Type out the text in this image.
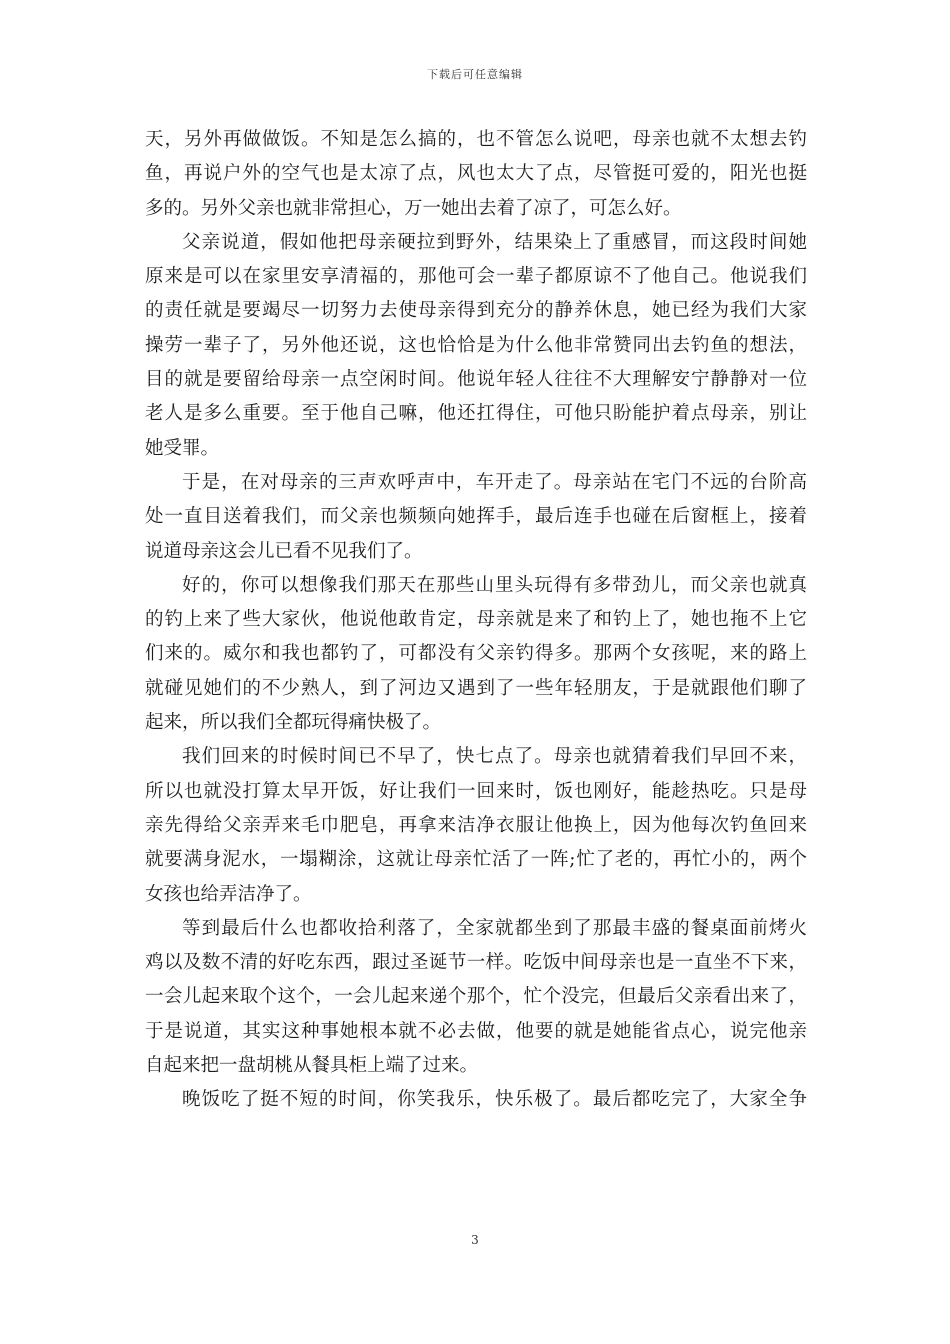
下载后可任意编辑
天，另外再做做饭。不知是怎么搞的，也不管怎么说吧，母亲也就不太想去钓
鱼，再说户外的空气也是太凉了点，风也太大了点，尽管挺可爱的，阳光也挺
多的。另外父亲也就非常担心，万一她出去着了凉了，可怎么好。
父亲说道，假如他把母亲硬拉到野外，结果染上了重感冒，而这段时间她
原来是可以在家里安享清福的，那他可会一辈子都原谅不了他自己。他说我们
的责任就是要竭尽一切努力去使母亲得到充分的静养休息，她已经为我们大家
操劳一辈子了，另外他还说，这也恰恰是为什么他非常赞同出去钓鱼的想法，
目的就是要留给母亲一点空闲时间。他说年轻人往往不大理解安宁静静对一位
老人是多么重要。至于他自己嘛，他还扛得住，可他只盼能护着点母亲，别让
她受罪。
于是，在对母亲的三声欢呼声中，车开走了。母亲站在宅门不远的台阶高
处一直目送着我们，而父亲也频频向她挥手，最后连手也碰在后窗框上，接着
说道母亲这会儿已看不见我们了。
好的，你可以想像我们那天在那些山里头玩得有多带劲儿，而父亲也就真
的钓上来了些大家伙，他说他敢肯定，母亲就是来了和钓上了，她也拖不上它
们来的。威尔和我也都钓了，可都没有父亲钓得多。那两个女孩呢，来的路上
就碰见她们的不少熟人，到了河边又遇到了一些年轻朋友，于是就跟他们聊了
起来，所以我们全都玩得痛快极了。
我们回来的时候时间已不早了，快七点了。母亲也就猜着我们早回不来，
所以也就没打算太早开饭，好让我们一回来时，饭也刚好，能趁热吃。只是母
亲先得给父亲弄来毛巾肥皂，再拿来洁净衣服让他换上，因为他每次钓鱼回来
就要满身泥水，一塌糊涂，这就让母亲忙活了一阵;忙了老的，再忙小的，两个
女孩也给弄洁净了。
等到最后什么也都收拾利落了，全家就都坐到了那最丰盛的餐桌面前烤火
鸡以及数不清的好吃东西，跟过圣诞节一样。吃饭中间母亲也是一直坐不下来，
一会儿起来取个这个，一会儿起来递个那个，忙个没完，但最后父亲看出来了，
于是说道，其实这种事她根本就不必去做，他要的就是她能省点心，说完他亲
自起来把一盘胡桃从餐具柜上端了过来。
晚饭吃了挺不短的时间，你笑我乐，快乐极了。最后都吃完了，大家全争
3
